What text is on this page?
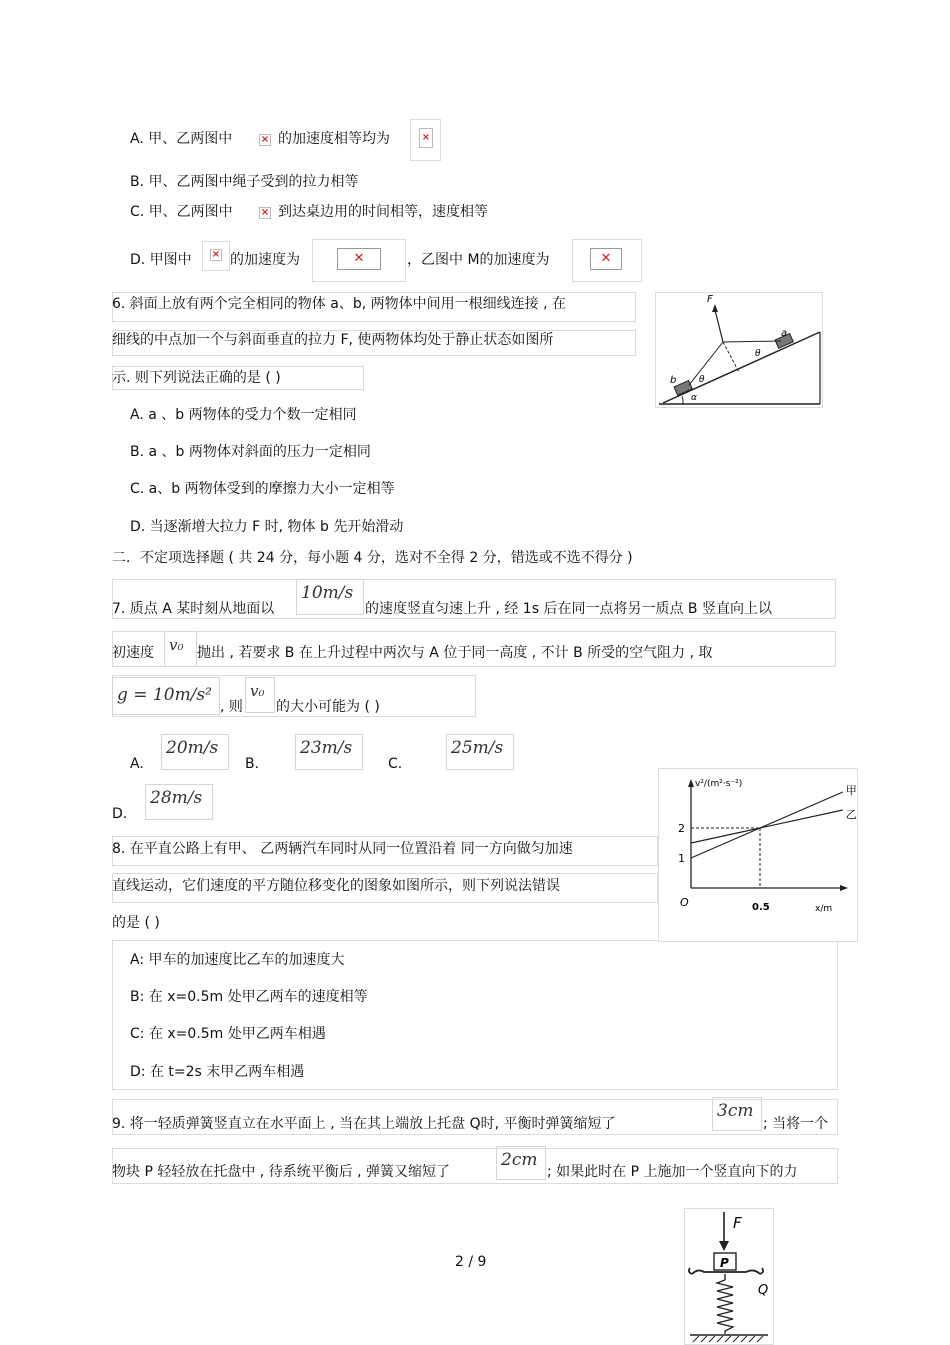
A. 甲、乙两图中	× 的加速度相等均为	×
B. 甲、乙两图中绳子受到的拉力相等
C. 甲、乙两图中	× 到达桌边用的时间相等，速度相等
D. 甲图中 × 的加速度为	✕	，乙图中 M的加速度为	✕
6. 斜面上放有两个完全相同的物体 a、b, 两物体中间用一根细线连接 , 在
细线的中点加一个与斜面垂直的拉力 F, 使两物体均处于静止状态如图所
示. 则下列说法正确的是 ( )
A. a 、b 两物体的受力个数一定相同
B. a 、b 两物体对斜面的压力一定相同
C. a、b 两物体受到的摩擦力大小一定相等
D. 当逐渐增大拉力 F 时, 物体 b 先开始滑动
F
a
b
θ
θ
α
二．不定项选择题 ( 共 24 分，每小题 4 分，选对不全得 2 分，错选或不选不得分 )
7. 质点 A 某时刻从地面以
10m/s
的速度竖直匀速上升 , 经 1s 后在同一点将另一质点 B 竖直向上以
初速度	v₀ 抛出 , 若要求 B 在上升过程中两次与 A 位于同一高度 , 不计 B 所受的空气阻力 , 取
g = 10m/s²
, 则
v₀
的大小可能为 ( )
A.
20m/s
B.
23m/s
C.
25m/s
D.
28m/s
8. 在平直公路上有甲、 乙两辆汽车同时从同一位置沿着 同一方向做匀加速
直线运动，它们速度的平方随位移变化的图象如图所示，则下列说法错误
的是 ( )
A: 甲车的加速度比乙车的加速度大
B: 在 x=0.5m 处甲乙两车的速度相等
C: 在 x=0.5m 处甲乙两车相遇
D: 在 t=2s 末甲乙两车相遇
v²/(m²·s⁻²)
x/m
O
1
2
0.5
甲
乙
9. 将一轻质弹簧竖直立在水平面上 , 当在其上端放上托盘 Q时, 平衡时弹簧缩短了
3cm
; 当将一个
物块 P 轻轻放在托盘中 , 待系统平衡后 , 弹簧又缩短了
2cm
; 如果此时在 P 上施加一个竖直向下的力
F
P
Q
2 / 9
